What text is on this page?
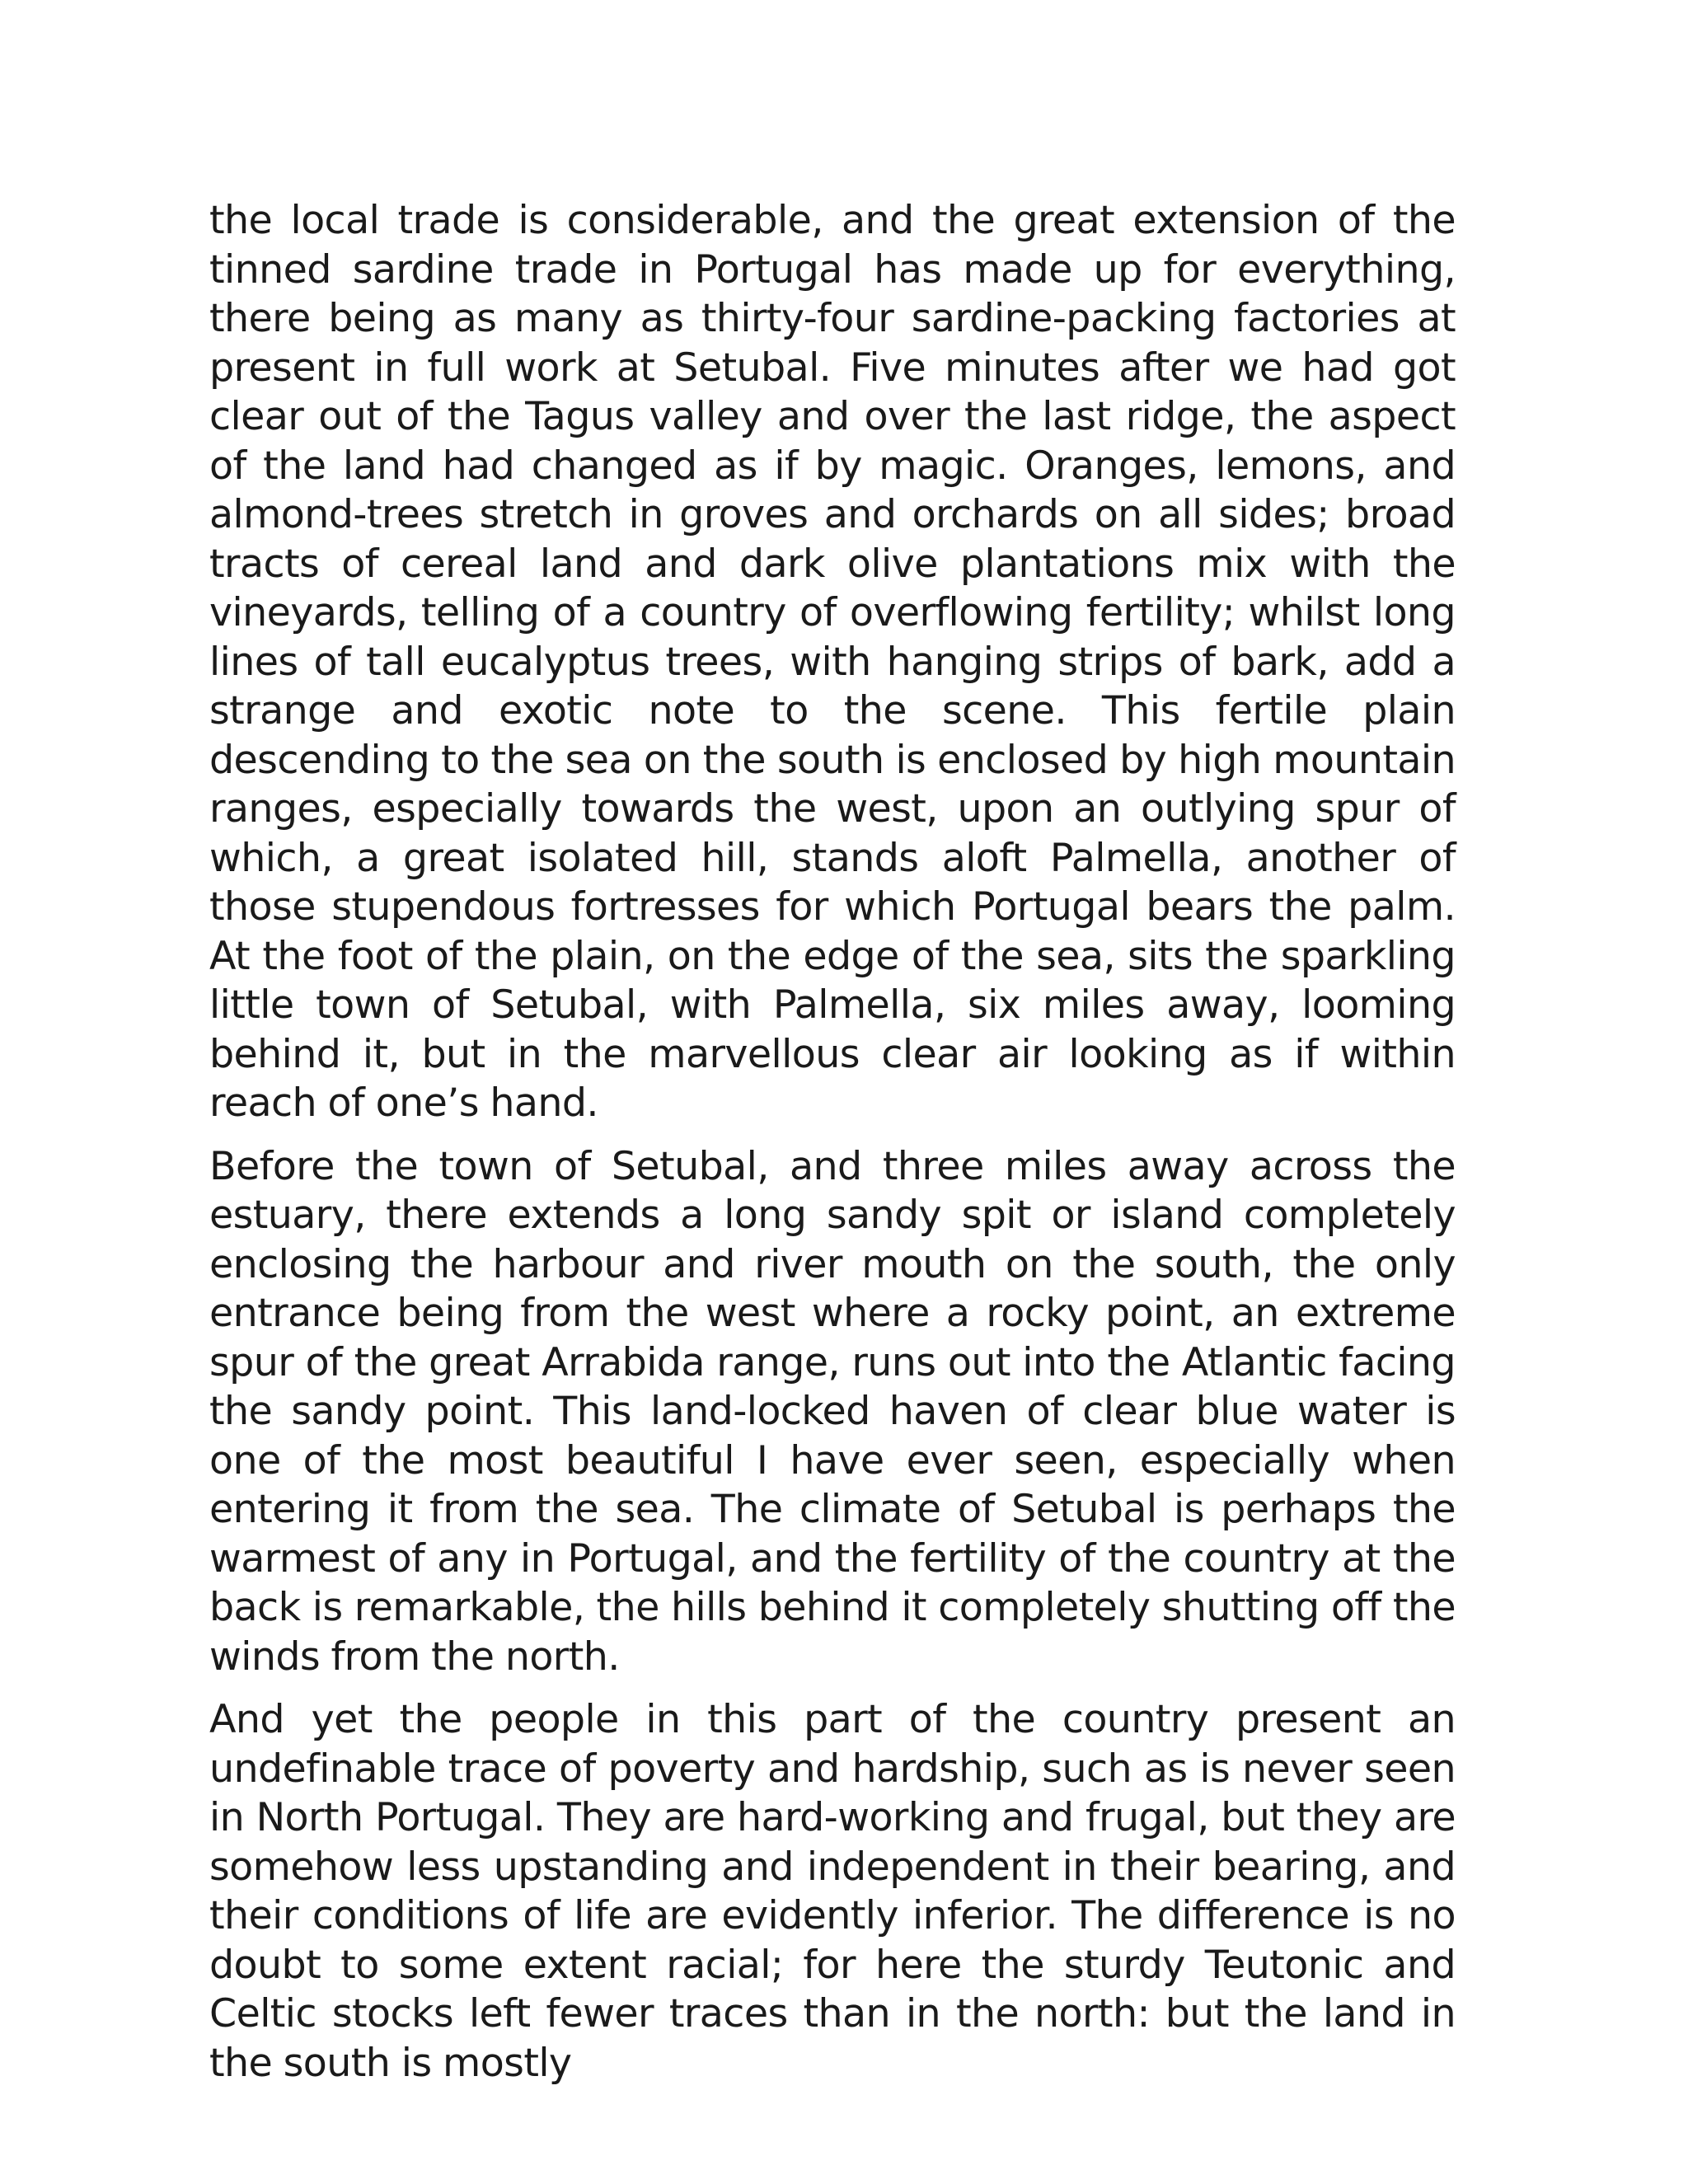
the local trade is considerable, and the great extension of the tinned sardine trade in Portugal has made up for everything, there being as many as thirty-four sardine-packing factories at present in full work at Setubal. Five minutes after we had got clear out of the Tagus valley and over the last ridge, the aspect of the land had changed as if by magic. Oranges, lemons, and almond-trees stretch in groves and orchards on all sides; broad tracts of cereal land and dark olive plantations mix with the vineyards, telling of a country of overflowing fertility; whilst long lines of tall eucalyptus trees, with hanging strips of bark, add a strange and exotic note to the scene. This fertile plain descending to the sea on the south is enclosed by high mountain ranges, especially towards the west, upon an outlying spur of which, a great isolated hill, stands aloft Palmella, another of those stupendous fortresses for which Portugal bears the palm. At the foot of the plain, on the edge of the sea, sits the sparkling little town of Setubal, with Palmella, six miles away, looming behind it, but in the marvellous clear air looking as if within reach of one’s hand.

Before the town of Setubal, and three miles away across the estuary, there extends a long sandy spit or island completely enclosing the harbour and river mouth on the south, the only entrance being from the west where a rocky point, an extreme spur of the great Arrabida range, runs out into the Atlantic facing the sandy point. This land-locked haven of clear blue water is one of the most beautiful I have ever seen, especially when entering it from the sea. The climate of Setubal is perhaps the warmest of any in Portugal, and the fertility of the country at the back is remarkable, the hills behind it completely shutting off the winds from the north.

And yet the people in this part of the country present an undefinable trace of poverty and hardship, such as is never seen in North Portugal. They are hard-working and frugal, but they are somehow less upstanding and independent in their bearing, and their conditions of life are evidently inferior. The difference is no doubt to some extent racial; for here the sturdy Teutonic and Celtic stocks left fewer traces than in the north: but the land in the south is mostly
